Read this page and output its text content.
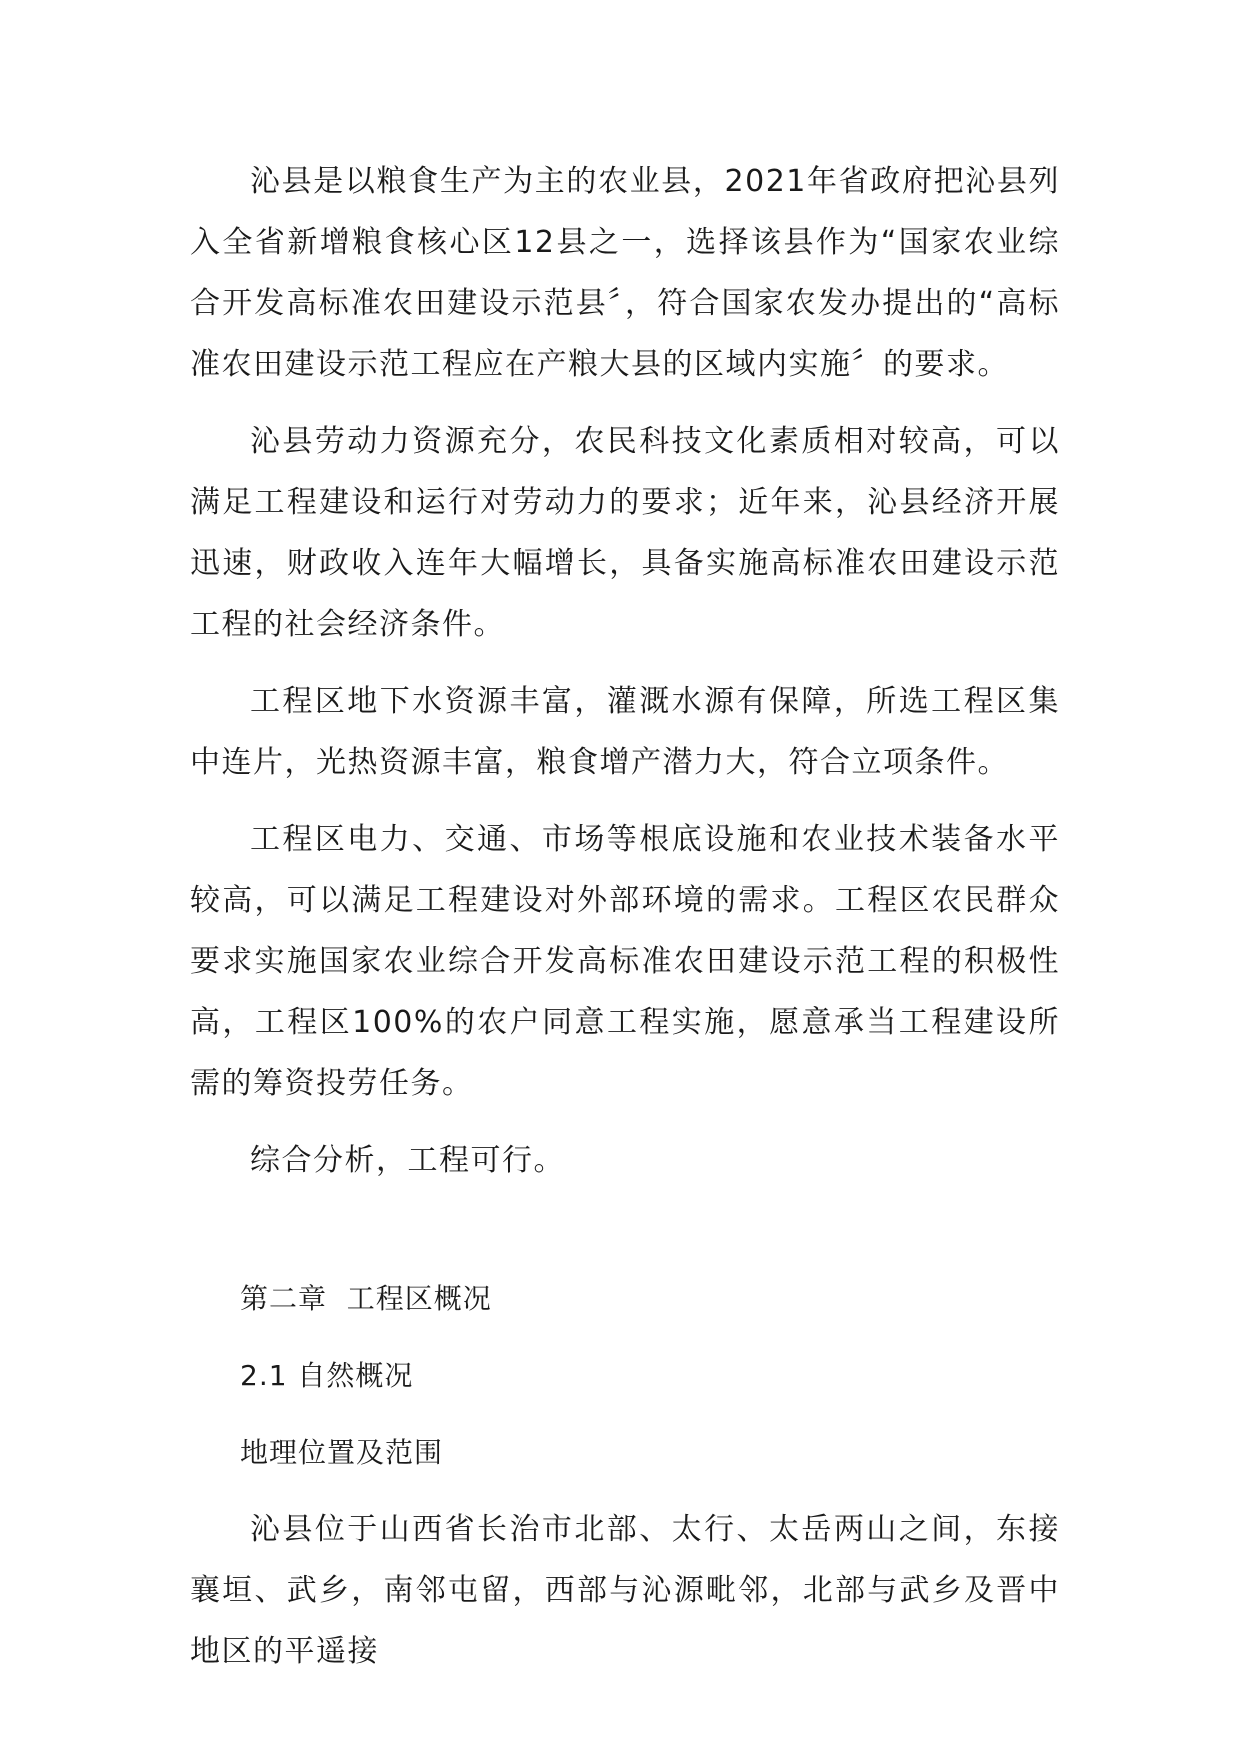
沁县是以粮食生产为主的农业县，2021年省政府把沁县列入全省新增粮食核心区12县之一，选择该县作为“国家农业综合开发高标准农田建设示范县〞，符合国家农发办提出的“高标准农田建设示范工程应在产粮大县的区域内实施〞的要求。

沁县劳动力资源充分，农民科技文化素质相对较高，可以满足工程建设和运行对劳动力的要求；近年来，沁县经济开展迅速，财政收入连年大幅增长，具备实施高标准农田建设示范工程的社会经济条件。

工程区地下水资源丰富，灌溉水源有保障，所选工程区集中连片，光热资源丰富，粮食增产潜力大，符合立项条件。

工程区电力、交通、市场等根底设施和农业技术装备水平较高，可以满足工程建设对外部环境的需求。工程区农民群众要求实施国家农业综合开发高标准农田建设示范工程的积极性高，工程区100%的农户同意工程实施，愿意承当工程建设所需的筹资投劳任务。

综合分析，工程可行。

第二章  工程区概况

2.1 自然概况

地理位置及范围

沁县位于山西省长治市北部、太行、太岳两山之间，东接襄垣、武乡，南邻屯留，西部与沁源毗邻，北部与武乡及晋中地区的平遥接
